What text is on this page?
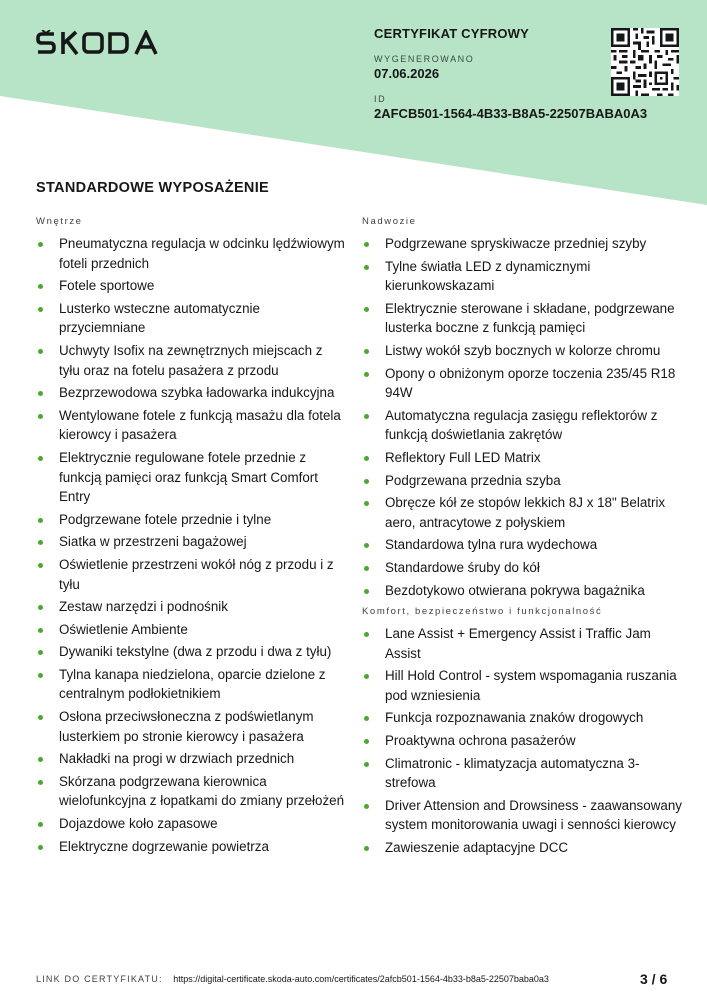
CERTYFIKAT CYFROWY
WYGENEROWANO
07.06.2026
ID
2AFCB501-1564-4B33-B8A5-22507BABA0A3
STANDARDOWE WYPOSAŻENIE
Wnętrze
Pneumatyczna regulacja w odcinku lędźwiowym foteli przednich
Fotele sportowe
Lusterko wsteczne automatycznie przyciemniane
Uchwyty Isofix na zewnętrznych miejscach z tyłu oraz na fotelu pasażera z przodu
Bezprzewodowa szybka ładowarka indukcyjna
Wentylowane fotele z funkcją masażu dla fotela kierowcy i pasażera
Elektrycznie regulowane fotele przednie z funkcją pamięci oraz funkcją Smart Comfort Entry
Podgrzewane fotele przednie i tylne
Siatka w przestrzeni bagażowej
Oświetlenie przestrzeni wokół nóg z przodu i z tyłu
Zestaw narzędzi i podnośnik
Oświetlenie Ambiente
Dywaniki tekstylne (dwa z przodu i dwa z tyłu)
Tylna kanapa niedzielona, oparcie dzielone z centralnym podłokietnikiem
Osłona przeciwsłoneczna z podświetlanym lusterkiem po stronie kierowcy i pasażera
Nakładki na progi w drzwiach przednich
Skórzana podgrzewana kierownica wielofunkcyjna z łopatkami do zmiany przełożeń
Dojazdowe koło zapasowe
Elektryczne dogrzewanie powietrza
Nadwozie
Podgrzewane spryskiwacze przedniej szyby
Tylne światła LED z dynamicznymi kierunkowskazami
Elektrycznie sterowane i składane, podgrzewane lusterka boczne z funkcją pamięci
Listwy wokół szyb bocznych w kolorze chromu
Opony o obniżonym oporze toczenia 235/45 R18 94W
Automatyczna regulacja zasięgu reflektorów z funkcją doświetlania zakrętów
Reflektory Full LED Matrix
Podgrzewana przednia szyba
Obręcze kół ze stopów lekkich 8J x 18" Belatrix aero, antracytowe z połyskiem
Standardowa tylna rura wydechowa
Standardowe śruby do kół
Bezdotykowo otwierana pokrywa bagażnika
Komfort, bezpieczeństwo i funkcjonalność
Lane Assist + Emergency Assist i Traffic Jam Assist
Hill Hold Control - system wspomagania ruszania pod wzniesienia
Funkcja rozpoznawania znaków drogowych
Proaktywna ochrona pasażerów
Climatronic - klimatyzacja automatyczna 3-strefowa
Driver Attension and Drowsiness - zaawansowany system monitorowania uwagi i senności kierowcy
Zawieszenie adaptacyjne DCC
LINK DO CERTYFIKATU: https://digital-certificate.skoda-auto.com/certificates/2afcb501-1564-4b33-b8a5-22507baba0a3	3 / 6
